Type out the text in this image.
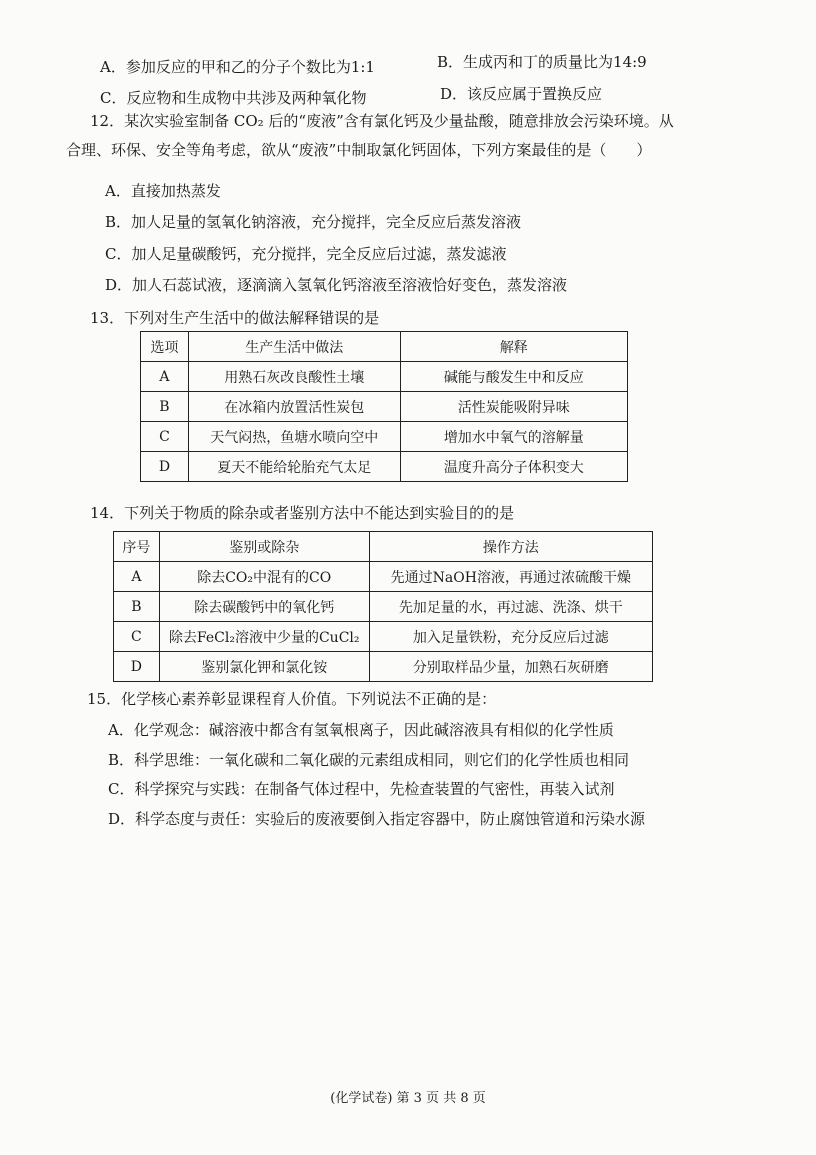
A．参加反应的甲和乙的分子个数比为1:1	B．生成丙和丁的质量比为14:9
C．反应物和生成物中共涉及两种氧化物	D．该反应属于置换反应
12．某次实验室制备 CO₂ 后的“废液”含有氯化钙及少量盐酸，随意排放会污染环境。从
合理、环保、安全等角考虑，欲从“废液”中制取氯化钙固体，下列方案最佳的是（　　）
A．直接加热蒸发
B．加人足量的氢氧化钠溶液，充分搅拌，完全反应后蒸发溶液
C．加人足量碳酸钙，充分搅拌，完全反应后过滤，蒸发滤液
D．加人石蕊试液，逐滴滴入氢氧化钙溶液至溶液恰好变色，蒸发溶液
13．下列对生产生活中的做法解释错误的是
选项	生产生活中做法	解释
A	用熟石灰改良酸性土壤	碱能与酸发生中和反应
B	在冰箱内放置活性炭包	活性炭能吸附异味
C	天气闷热，鱼塘水喷向空中	增加水中氧气的溶解量
D	夏天不能给轮胎充气太足	温度升高分子体积变大
14．下列关于物质的除杂或者鉴别方法中不能达到实验目的的是
序号	鉴别或除杂	操作方法
A	除去CO₂中混有的CO	先通过NaOH溶液，再通过浓硫酸干燥
B	除去碳酸钙中的氧化钙	先加足量的水，再过滤、洗涤、烘干
C	除去FeCl₂溶液中少量的CuCl₂	加入足量铁粉，充分反应后过滤
D	鉴别氯化钾和氯化铵	分别取样品少量，加熟石灰研磨
15．化学核心素养彰显课程育人价值。下列说法不正确的是：
A．化学观念：碱溶液中都含有氢氧根离子，因此碱溶液具有相似的化学性质
B．科学思维：一氧化碳和二氧化碳的元素组成相同，则它们的化学性质也相同
C．科学探究与实践：在制备气体过程中，先检查装置的气密性，再装入试剂
D．科学态度与责任：实验后的废液要倒入指定容器中，防止腐蚀管道和污染水源
(化学试卷) 第 3 页 共 8 页
